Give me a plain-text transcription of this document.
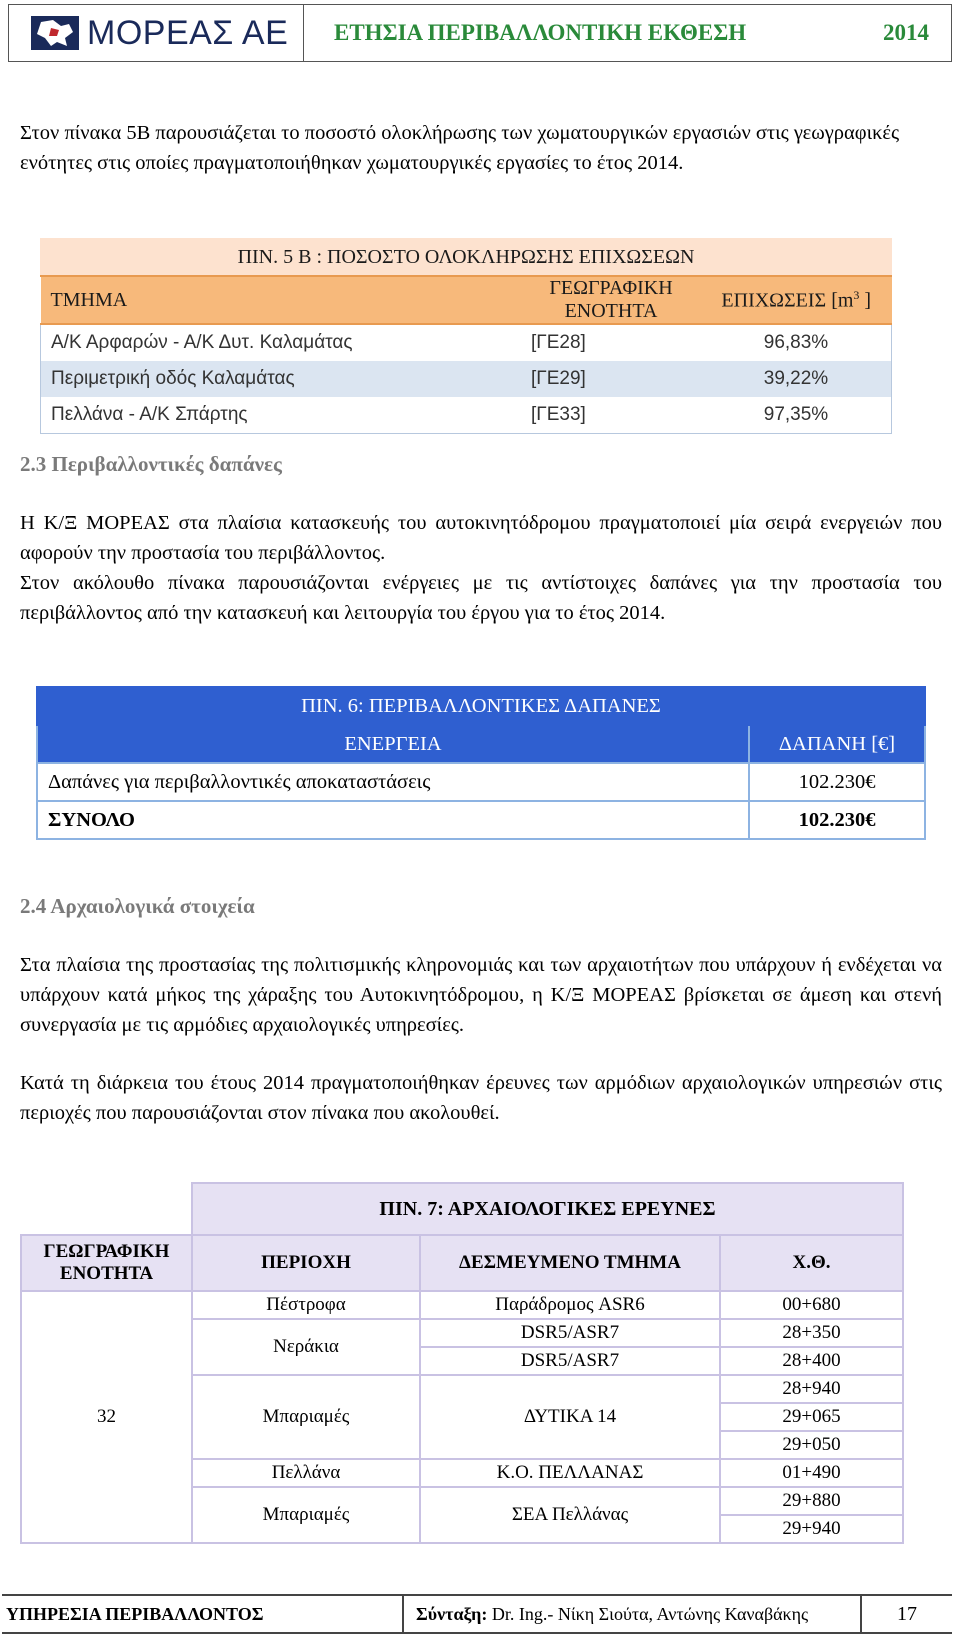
ΜΟΡΕΑΣ ΑΕ ΕΤΗΣΙΑ ΠΕΡΙΒΑΛΛΟΝΤΙΚΗ ΕΚΘΕΣΗ	2014

Στον πίνακα 5Β παρουσιάζεται το ποσοστό ολοκλήρωσης των χωματουργικών εργασιών στις γεωγραφικές ενότητες στις οποίες πραγματοποιήθηκαν χωματουργικές εργασίες το έτος 2014.

ΠΙΝ. 5 Β : ΠΟΣΟΣΤΟ ΟΛΟΚΛΗΡΩΣΗΣ ΕΠΙΧΩΣΕΩΝ		
ΤΜΗΜΑ	ΓΕΩΓΡΑΦΙΚΗ ΕΝΟΤΗΤΑ	ΕΠΙΧΩΣΕΙΣ [$m^3$ ]
Α/Κ Αρφαρών - Α/Κ Δυτ. Καλαμάτας	[ΓΕ28]	96,83%
Περιμετρική οδός Καλαμάτας	[ΓΕ29]	39,22%
Πελλάνα - Α/Κ Σπάρτης	[ΓΕ33]	97,35%
2.3 Περιβαλλοντικές δαπάνες

Η Κ/Ξ ΜΟΡΕΑΣ στα πλαίσια κατασκευής του αυτοκινητόδρομου πραγματοποιεί μία σειρά ενεργειών που αφορούν την προστασία του περιβάλλοντος.

Στον ακόλουθο πίνακα παρουσιάζονται ενέργειες με τις αντίστοιχες δαπάνες για την προστασία του περιβάλλοντος από την κατασκευή και λειτουργία του έργου για το έτος 2014.

ΠΙΝ. 6: ΠΕΡΙΒΑΛΛΟΝΤΙΚΕΣ ΔΑΠΑΝΕΣ	
ΕΝΕΡΓΕΙΑ	ΔΑΠΑΝΗ [€]
Δαπάνες για περιβαλλοντικές αποκαταστάσεις	102.230€
ΣΥΝΟΛΟ	102.230€
2.4 Αρχαιολογικά στοιχεία

Στα πλαίσια της προστασίας της πολιτισμικής κληρονομιάς και των αρχαιοτήτων που υπάρχουν ή ενδέχεται να υπάρχουν κατά μήκος της χάραξης του Αυτοκινητόδρομου, η Κ/Ξ ΜΟΡΕΑΣ βρίσκεται σε άμεση και στενή συνεργασία με τις αρμόδιες αρχαιολογικές υπηρεσίες.

Κατά τη διάρκεια του έτους 2014 πραγματοποιήθηκαν έρευνες των αρμόδιων αρχαιολογικών υπηρεσιών στις περιοχές που παρουσιάζονται στον πίνακα που ακολουθεί.

	ΠΙΝ. 7: ΑΡΧΑΙΟΛΟΓΙΚΕΣ ΕΡΕΥΝΕΣ		
ΓΕΩΓΡΑΦΙΚΗ ΕΝΟΤΗΤΑ	ΠΕΡΙΟΧΗ	ΔΕΣΜΕΥΜΕΝΟ ΤΜΗΜΑ	Χ.Θ.
32	Πέστροφα	Παράδρομος ASR6	00+680
	Νεράκια	DSR5/ASR7	28+350
		DSR5/ASR7	28+400
	Μπαριαμές	ΔΥΤΙΚΑ 14	28+940
			29+065
			29+050
	Πελλάνα	Κ.Ο. ΠΕΛΛΑΝΑΣ	01+490
	Μπαριαμές	ΣΕΑ Πελλάνας	29+880
			29+940
ΥΠΗΡΕΣΙΑ ΠΕΡΙΒΑΛΛΟΝΤΟΣ	Σύνταξη: Dr. Ing.- Νίκη Σιούτα, Αντώνης Καναβάκης	17
